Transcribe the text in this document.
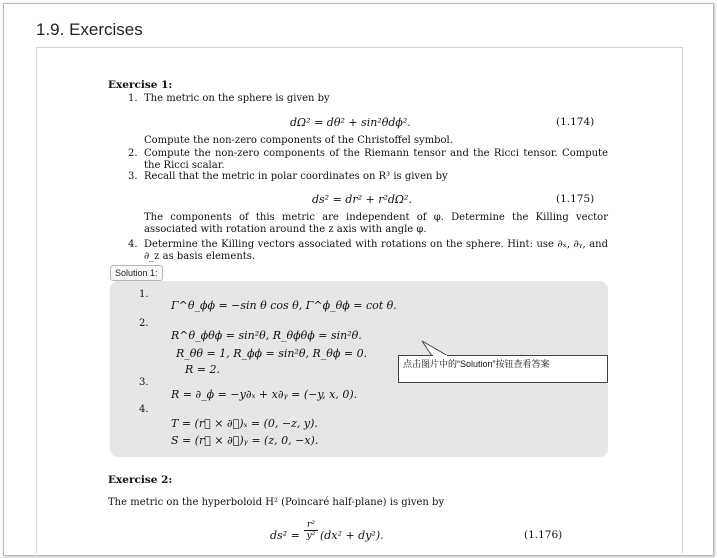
1.9. Exercises
Exercise 1:
1. The metric on the sphere is given by
dΩ² = dθ² + sin²θdϕ².	(1.174)
Compute the non-zero components of the Christoffel symbol.
2. Compute the non-zero components of the Riemann tensor and the Ricci tensor. Compute the Ricci scalar.
3. Recall that the metric in polar coordinates on R³ is given by
ds² = dr² + r²dΩ².	(1.175)
The components of this metric are independent of φ. Determine the Killing vector associated with rotation around the z axis with angle φ.
4. Determine the Killing vectors associated with rotations on the sphere. Hint: use ∂ₓ, ∂ᵧ, and ∂_z as basis elements.
Solution 1:
1.
Γ^θ_ϕϕ = −sin θ cos θ, Γ^ϕ_θϕ = cot θ.
2.
R^θ_ϕθϕ = sin²θ, R_θϕθϕ = sin²θ.
R_θθ = 1, R_ϕϕ = sin²θ, R_θϕ = 0.
R = 2.
3.
R = ∂_ϕ = −y∂ₓ + x∂ᵧ = (−y, x, 0).
4.
T = (r⃗ × ∂⃗)ₓ = (0, −z, y).
S = (r⃗ × ∂⃗)ᵧ = (z, 0, −x).
点击图片中的“Solution”按钮查看答案
Exercise 2:
The metric on the hyperboloid H² (Poincaré half-plane) is given by
$ds^2 = \frac{\text{r²}}{\text{y²}} (dx^2 + dy^2)$.	(1.176)
